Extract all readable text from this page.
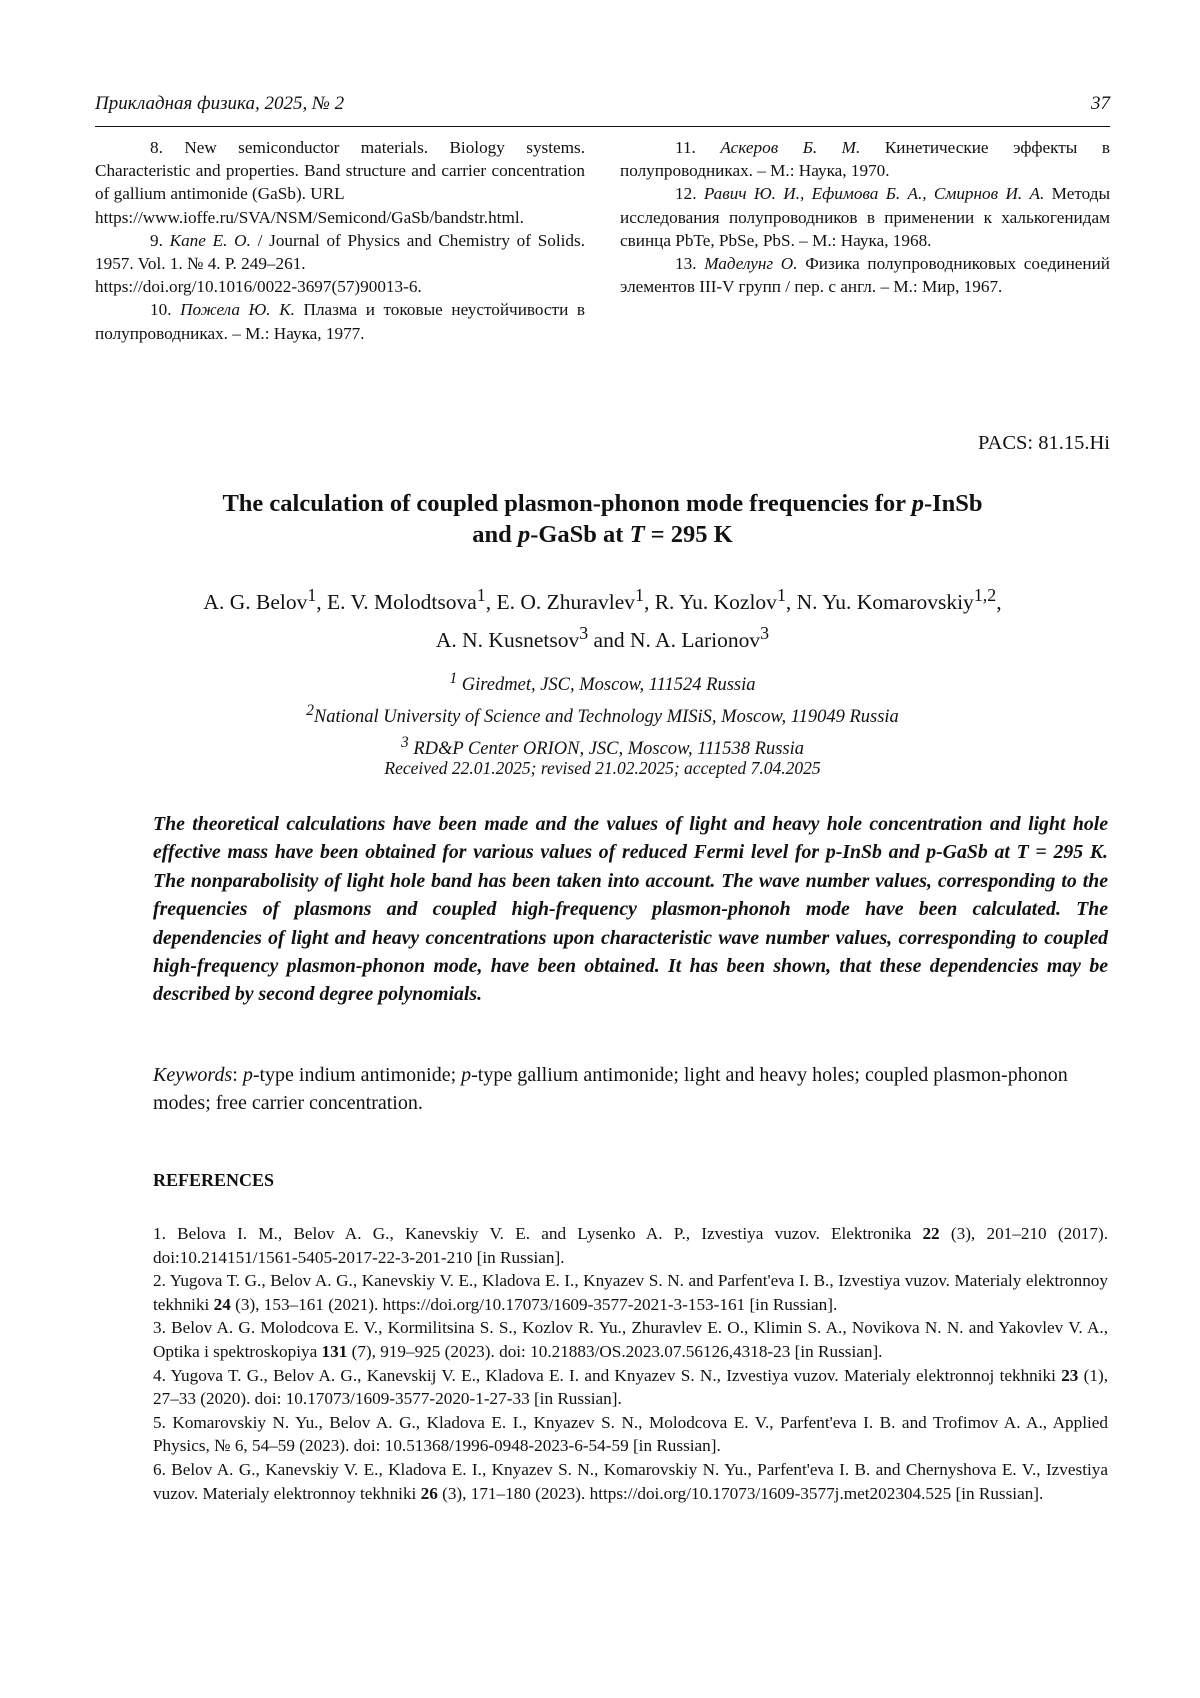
Прикладная физика, 2025, № 2	37

8. New semiconductor materials. Biology systems. Characteristic and properties. Band structure and carrier concentration of gallium antimonide (GaSb). URL

https://www.ioffe.ru/SVA/NSM/Semicond/GaSb/bandstr.html.

9. Kane E. O. / Journal of Physics and Chemistry of Solids. 1957. Vol. 1. № 4. P. 249–261.

https://doi.org/10.1016/0022-3697(57)90013-6.

10. Пожела Ю. К. Плазма и токовые неустойчивости в полупроводниках. – М.: Наука, 1977.

11. Аскеров Б. М. Кинетические эффекты в полупроводниках. – М.: Наука, 1970.

12. Равич Ю. И., Ефимова Б. А., Смирнов И. А. Методы исследования полупроводников в применении к халькогенидам свинца PbTe, PbSe, PbS. – М.: Наука, 1968.

13. Маделунг О. Физика полупроводниковых соединений элементов III-V групп / пер. с англ. – М.: Мир, 1967.

PACS: 81.15.Hi
The calculation of coupled plasmon-phonon mode frequencies for p-InSb
and p-GaSb at T = 295 K
A. G. Belov$^1$, E. V. Molodtsova$^1$, E. O. Zhuravlev$^1$, R. Yu. Kozlov$^1$, N. Yu. Komarovskiy$^{1,2}$,
A. N. Kusnetsov$^3$ and N. A. Larionov$^3$
$^1$ Giredmet, JSC, Moscow, 111524 Russia
$^2$National University of Science and Technology MISiS, Moscow, 119049 Russia
$^3$ RD&P Center ORION, JSC, Moscow, 111538 Russia
Received 22.01.2025; revised 21.02.2025; accepted 7.04.2025

The theoretical calculations have been made and the values of light and heavy hole concentration and light hole effective mass have been obtained for various values of reduced Fermi level for p-InSb and p-GaSb at T = 295 K. The nonparabolisity of light hole band has been taken into account. The wave number values, corresponding to the frequencies of plasmons and coupled high-frequency plasmon-phonoh mode have been calculated. The dependencies of light and heavy concentrations upon characteristic wave number values, corresponding to coupled high-frequency plasmon-phonon mode, have been obtained. It has been shown, that these dependencies may be described by second degree polynomials.

Keywords: p-type indium antimonide; p-type gallium antimonide; light and heavy holes; coupled plasmon-phonon modes; free carrier concentration.

REFERENCES

1. Belova I. M., Belov A. G., Kanevskiy V. E. and Lysenko A. P., Izvestiya vuzov. Elektronika 22 (3), 201–210 (2017). doi:10.214151/1561-5405-2017-22-3-201-210 [in Russian].

2. Yugova T. G., Belov A. G., Kanevskiy V. E., Kladova E. I., Knyazev S. N. and Parfent'eva I. B., Izvestiya vuzov. Materialy elektronnoy tekhniki 24 (3), 153–161 (2021). https://doi.org/10.17073/1609-3577-2021-3-153-161 [in Russian].

3. Belov A. G. Molodcova E. V., Kormilitsina S. S., Kozlov R. Yu., Zhuravlev E. O., Klimin S. A., Novikova N. N. and Yakovlev V. A., Optika i spektroskopiya 131 (7), 919–925 (2023). doi: 10.21883/OS.2023.07.56126,4318-23 [in Russian].

4. Yugova T. G., Belov A. G., Kanevskij V. E., Kladova E. I. and Knyazev S. N., Izvestiya vuzov. Materialy elektronnoj tekhniki 23 (1), 27–33 (2020). doi: 10.17073/1609-3577-2020-1-27-33 [in Russian].

5. Komarovskiy N. Yu., Belov A. G., Kladova E. I., Knyazev S. N., Molodcova E. V., Parfent'eva I. B. and Trofimov A. A., Applied Physics, № 6, 54–59 (2023). doi: 10.51368/1996-0948-2023-6-54-59 [in Russian].

6. Belov A. G., Kanevskiy V. E., Kladova E. I., Knyazev S. N., Komarovskiy N. Yu., Parfent'eva I. B. and Chernyshova E. V., Izvestiya vuzov. Materialy elektronnoy tekhniki 26 (3), 171–180 (2023). https://doi.org/10.17073/1609-3577j.met202304.525 [in Russian].
